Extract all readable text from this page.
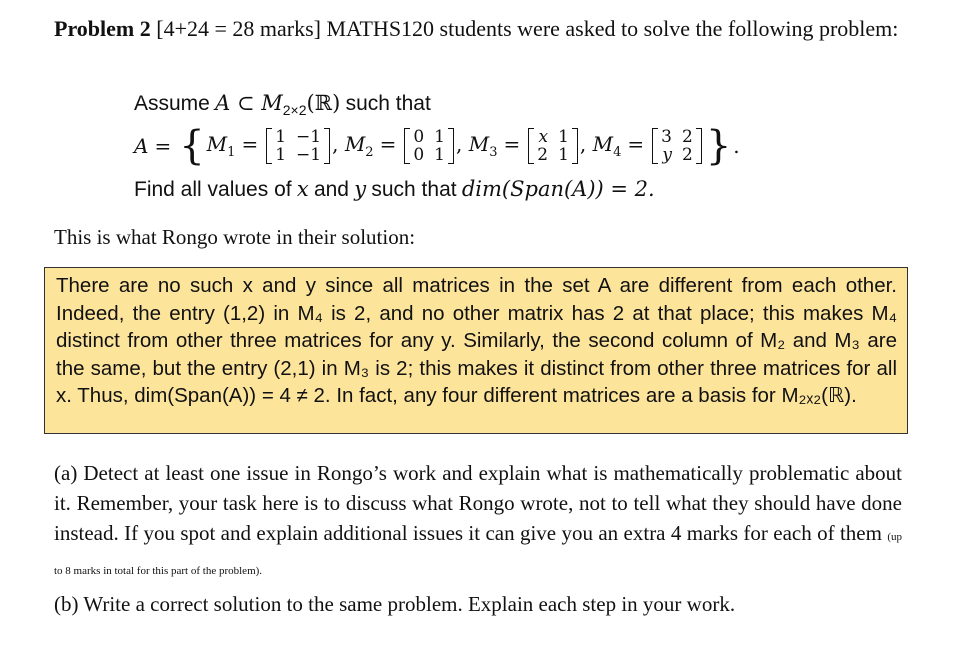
Problem 2 [4+24 = 28 marks] MATHS120 students were asked to solve the following problem:
Assume A ⊂ $M_{2\times 2}(ℝ)$ such that
A = { $M_1 = 1 -1$
1 −1 , $M_2 = 0$ 1
0 1 , $M_3 = x$ 1
2 1 , $M_4 = 3$ 2
y 2 } .
Find all values of x and y such that dim(Span(A)) = 2.
This is what Rongo wrote in their solution:

There are no such x and y since all matrices in the set A are different from each other. Indeed, the entry (1,2) in M₄ is 2, and no other matrix has 2 at that place; this makes M₄ distinct from other three matrices for any y. Similarly, the second column of M₂ and M₃ are the same, but the entry (2,1) in M₃ is 2; this makes it distinct from other three matrices for all x. Thus, dim(Span(A)) = 4 ≠ 2. In fact, any four different matrices are a basis for M₂ₓ₂(ℝ).

(a) Detect at least one issue in Rongo’s work and explain what is mathematically problematic about it. Remember, your task here is to discuss what Rongo wrote, not to tell what they should have done instead. If you spot and explain additional issues it can give you an extra 4 marks for each of them (up to 8 marks in total for this part of the problem).
(b) Write a correct solution to the same problem. Explain each step in your work.
